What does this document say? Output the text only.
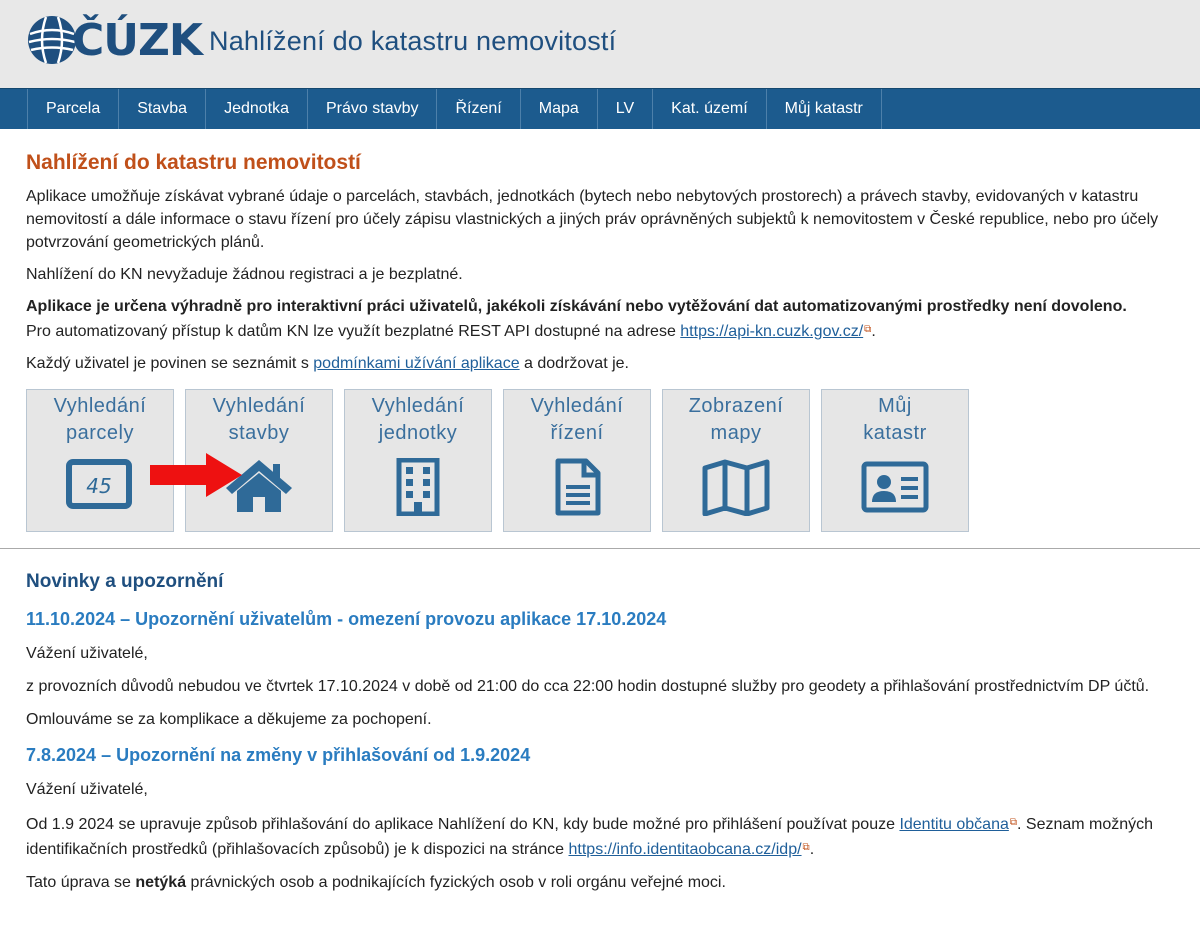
ČÚZK Nahlížení do katastru nemovitostí
Parcela	Stavba	Jednotka	Právo stavby	Řízení	Mapa	LV	Kat. území	Můj katastr
Nahlížení do katastru nemovitostí

Aplikace umožňuje získávat vybrané údaje o parcelách, stavbách, jednotkách (bytech nebo nebytových prostorech) a právech stavby, evidovaných v katastru nemovitostí a dále informace o stavu řízení pro účely zápisu vlastnických a jiných práv oprávněných subjektů k nemovitostem v České republice, nebo pro účely potvrzování geometrických plánů.

Nahlížení do KN nevyžaduje žádnou registraci a je bezplatné.

Aplikace je určena výhradně pro interaktivní práci uživatelů, jakékoli získávání nebo vytěžování dat automatizovanými prostředky není dovoleno.
Pro automatizovaný přístup k datům KN lze využít bezplatné REST API dostupné na adrese https://api-kn.cuzk.gov.cz/⧉.

Každý uživatel je povinen se seznámit s podmínkami užívání aplikace a dodržovat je.

Vyhledání
parcely
45
Vyhledání
stavby
Vyhledání
jednotky
Vyhledání
řízení
Zobrazení
mapy
Můj
katastr
Novinky a upozornění
11.10.2024 – Upozornění uživatelům - omezení provozu aplikace 17.10.2024

Vážení uživatelé,

z provozních důvodů nebudou ve čtvrtek 17.10.2024 v době od 21:00 do cca 22:00 hodin dostupné služby pro geodety a přihlašování prostřednictvím DP účtů.

Omlouváme se za komplikace a děkujeme za pochopení.

7.8.2024 – Upozornění na změny v přihlašování od 1.9.2024

Vážení uživatelé,

Od 1.9 2024 se upravuje způsob přihlašování do aplikace Nahlížení do KN, kdy bude možné pro přihlášení používat pouze Identitu občana⧉. Seznam možných identifikačních prostředků (přihlašovacích způsobů) je k dispozici na stránce https://info.identitaobcana.cz/idp/⧉.

Tato úprava se netýká právnických osob a podnikajících fyzických osob v roli orgánu veřejné moci.
